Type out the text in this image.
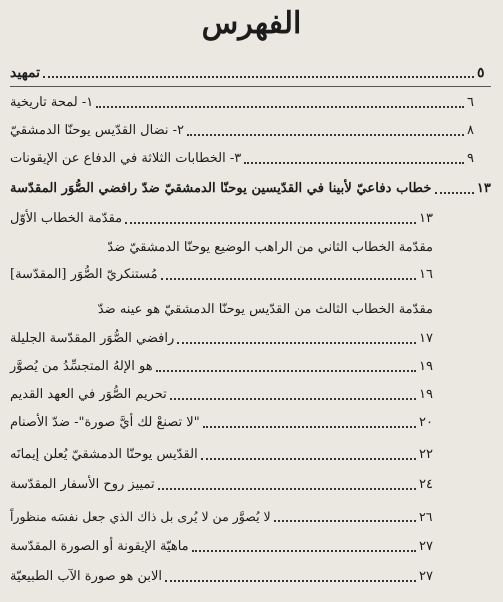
الفهرس
تمهيد	٥
١- لمحة تاريخية	٦
٢- نضال القدّيس يوحنّا الدمشقيّ	٨
٣- الخطابات الثلاثة في الدفاع عن الإيقونات	٩
خطاب دفاعيّ لأبينا في القدّيسين يوحنّا الدمشقيّ ضدّ رافضي الصُّوَر المقدّسة	١٣
مقدّمة الخطاب الأوّل	١٣
مقدّمة الخطاب الثاني من الراهب الوضيع يوحنّا الدمشقيّ ضدّ
مُستنكريّ الصُّوَر [المقدّسة]	١٦
مقدّمة الخطاب الثالث من القدّيس يوحنّا الدمشقيّ هو عينه ضدّ
رافضي الصُّوَر المقدّسة الجليلة	١٧
هو الإلهُ المتجسِّدُ من يُصوَّر	١٩
تحريم الصُّوَر في العهد القديم	١٩
"لا تصنعْ لك أيَّ صورة"- ضدّ الأصنام	٢٠
القدّيس يوحنّا الدمشقيّ يُعلن إيمانَه	٢٢
تمييز روح الأسفار المقدّسة	٢٤
لا يُصوَّر من لا يُرى بل ذاك الذي جعل نفسَه منظوراً	٢٦
ماهيّة الإيقونة أو الصورة المقدّسة	٢٧
الابن هو صورة الآب الطبيعيّة	٢٧
